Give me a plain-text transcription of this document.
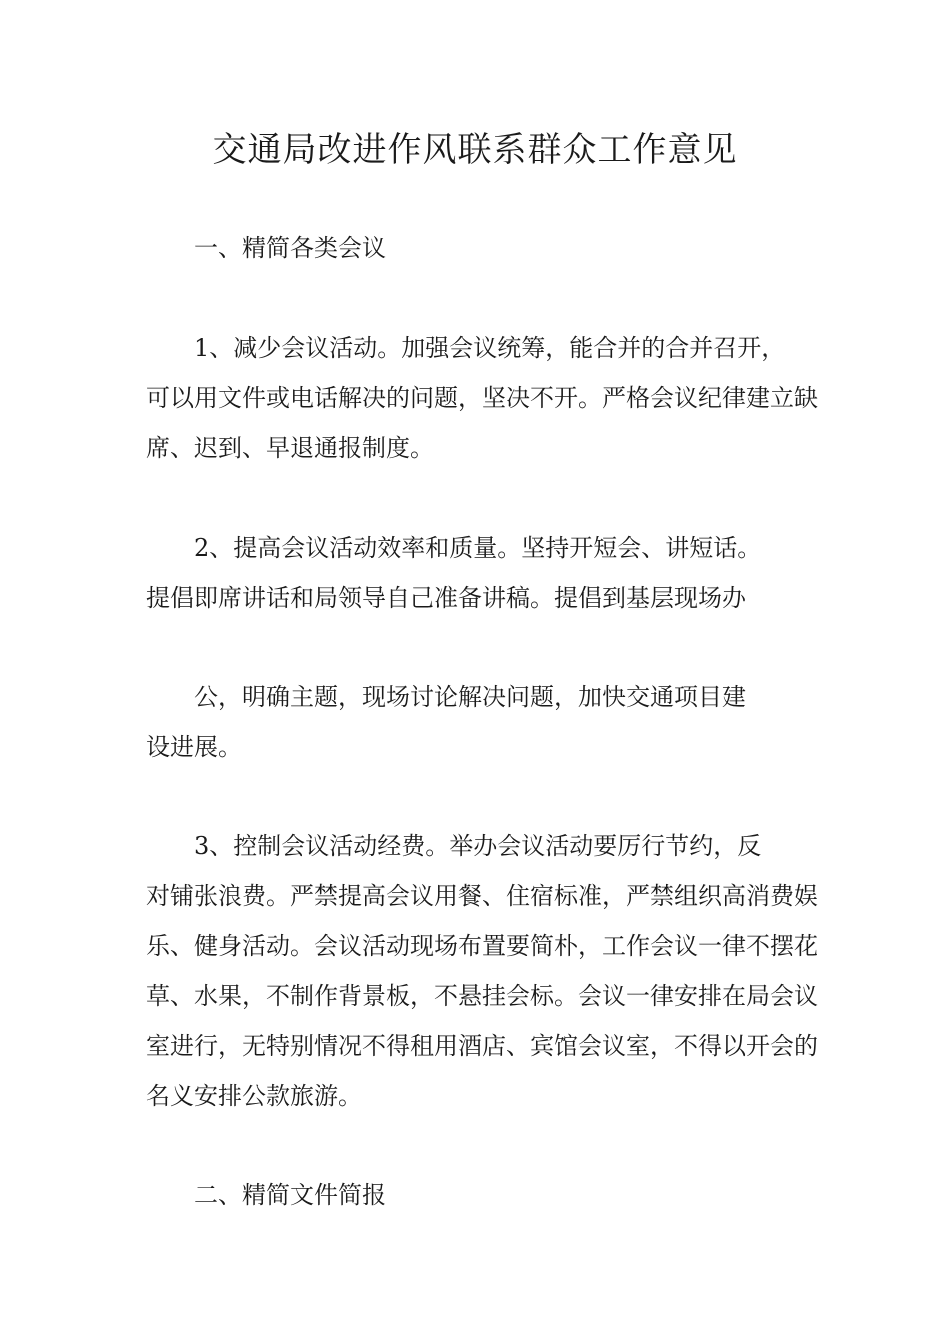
交通局改进作风联系群众工作意见
一、精简各类会议

1、减少会议活动。加强会议统筹，能合并的合并召开，

可以用文件或电话解决的问题，坚决不开。严格会议纪律建立缺席、迟到、早退通报制度。

2、提高会议活动效率和质量。坚持开短会、讲短话。

提倡即席讲话和局领导自己准备讲稿。提倡到基层现场办

公，明确主题，现场讨论解决问题，加快交通项目建

设进展。

3、控制会议活动经费。举办会议活动要厉行节约，反

对铺张浪费。严禁提高会议用餐、住宿标准，严禁组织高消费娱乐、健身活动。会议活动现场布置要简朴，工作会议一律不摆花草、水果，不制作背景板，不悬挂会标。会议一律安排在局会议室进行，无特别情况不得租用酒店、宾馆会议室，不得以开会的名义安排公款旅游。

二、精简文件简报
